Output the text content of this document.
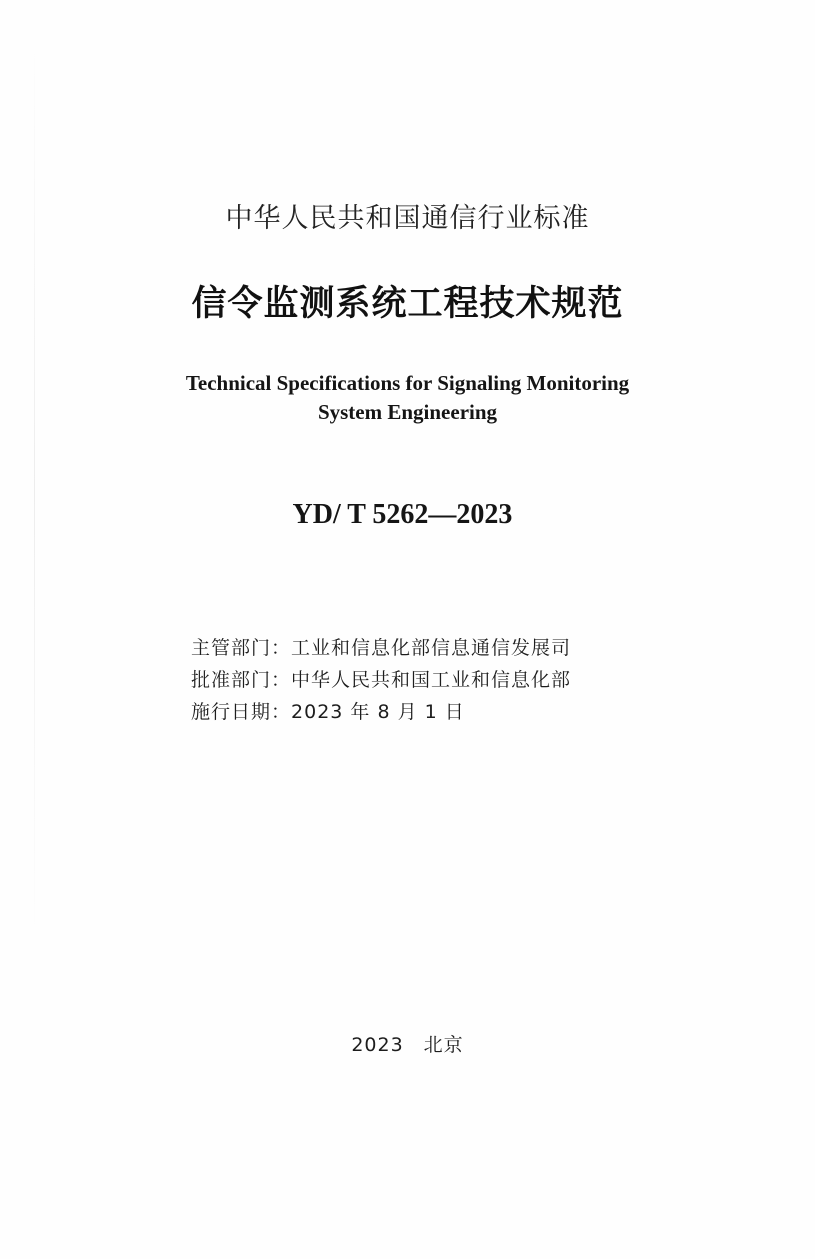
中华人民共和国通信行业标准
信令监测系统工程技术规范
Technical Specifications for Signaling Monitoring
System Engineering
YD/ T 5262—2023
主管部门：工业和信息化部信息通信发展司
批准部门：中华人民共和国工业和信息化部
施行日期：2023 年 8 月 1 日
2023 北京
